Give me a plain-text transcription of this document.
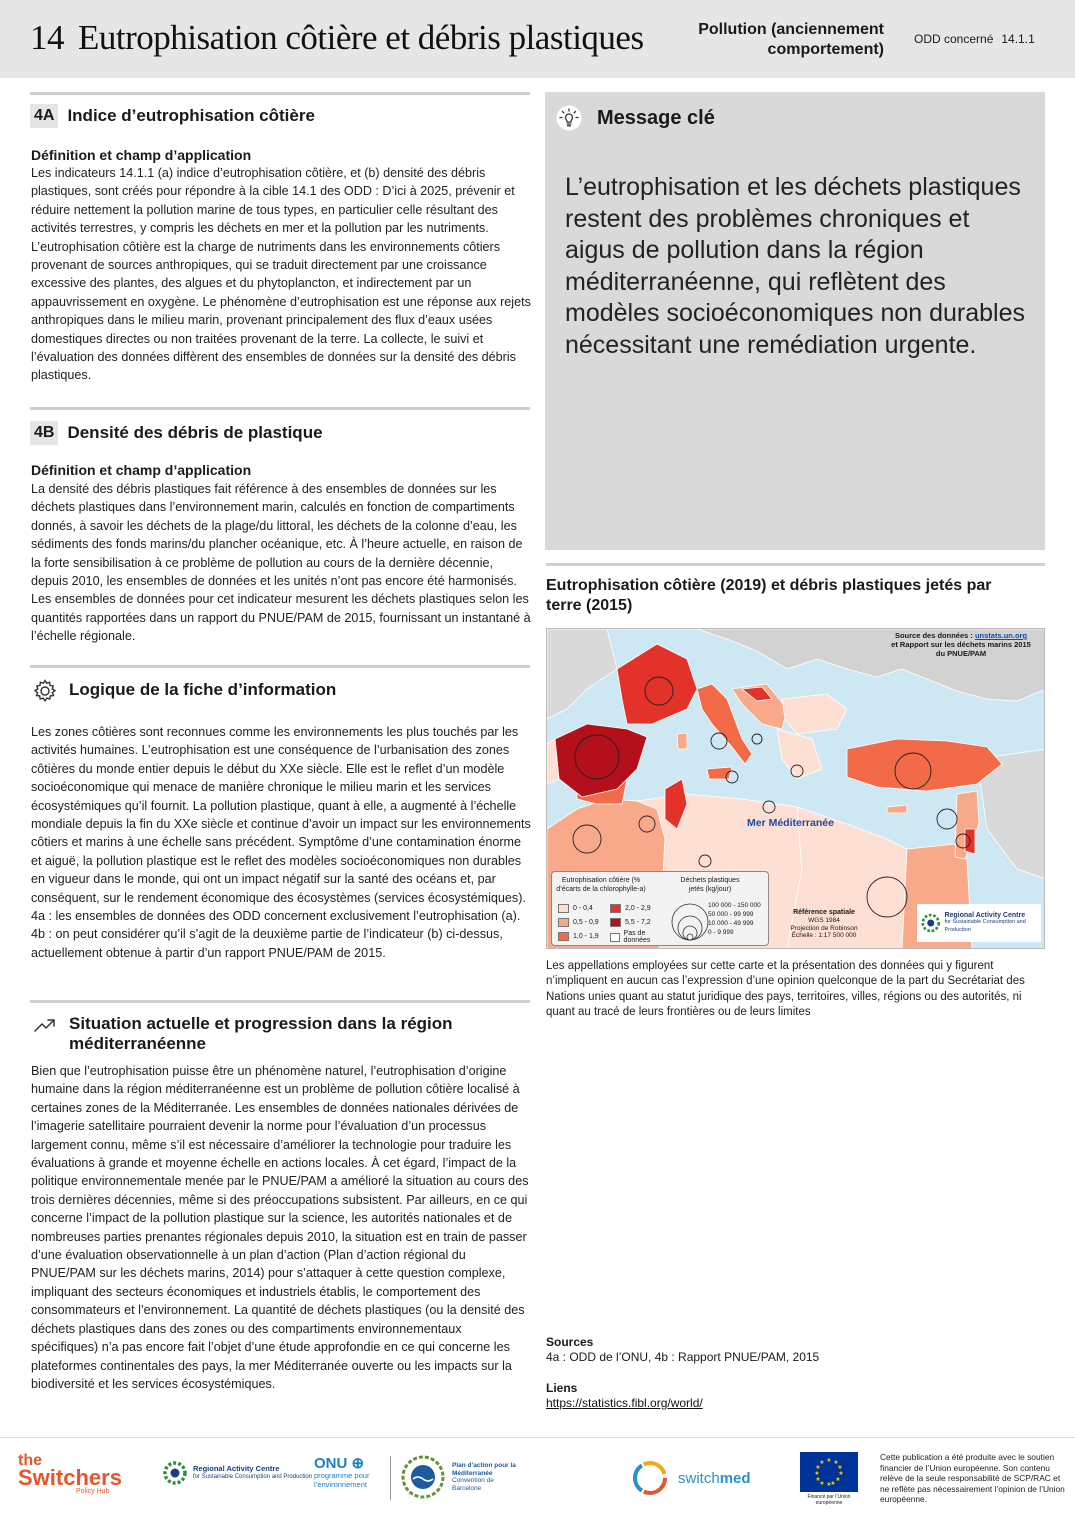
14 Eutrophisation côtière et débris plastiques	Pollution (anciennement comportement)
ODD concerné 14.1.1
4A Indice d’eutrophisation côtière
Définition et champ d’application
Les indicateurs 14.1.1 (a) indice d’eutrophisation côtière, et (b) densité des débris plastiques, sont créés pour répondre à la cible 14.1 des ODD : D’ici à 2025, prévenir et réduire nettement la pollution marine de tous types, en particulier celle résultant des activités terrestres, y compris les déchets en mer et la pollution par les nutriments. L’eutrophisation côtière est la charge de nutriments dans les environnements côtiers provenant de sources anthropiques, qui se traduit directement par une croissance excessive des plantes, des algues et du phytoplancton, et indirectement par un appauvrissement en oxygène. Le phénomène d’eutrophisation est une réponse aux rejets anthropiques dans le milieu marin, provenant principalement des flux d’eaux usées domestiques directes ou non traitées provenant de la terre. La collecte, le suivi et l’évaluation des données diffèrent des ensembles de données sur la densité des débris plastiques.
4B Densité des débris de plastique
Définition et champ d’application
La densité des débris plastiques fait référence à des ensembles de données sur les déchets plastiques dans l’environnement marin, calculés en fonction de compartiments donnés, à savoir les déchets de la plage/du littoral, les déchets de la colonne d’eau, les sédiments des fonds marins/du plancher océanique, etc. À l’heure actuelle, en raison de la forte sensibilisation à ce problème de pollution au cours de la dernière décennie, depuis 2010, les ensembles de données et les unités n’ont pas encore été harmonisés. Les ensembles de données pour cet indicateur mesurent les déchets plastiques selon les quantités rapportées dans un rapport du PNUE/PAM de 2015, fournissant un instantané à l’échelle régionale.
Logique de la fiche d’information
Les zones côtières sont reconnues comme les environnements les plus touchés par les activités humaines. L’eutrophisation est une conséquence de l’urbanisation des zones côtières du monde entier depuis le début du XXe siècle. Elle est le reflet d’un modèle socioéconomique qui menace de manière chronique le milieu marin et les services écosystémiques qu’il fournit. La pollution plastique, quant à elle, a augmenté à l’échelle mondiale depuis la fin du XXe siècle et continue d’avoir un impact sur les environnements côtiers et marins à une échelle sans précédent. Symptôme d’une contamination énorme et aiguë, la pollution plastique est le reflet des modèles socioéconomiques non durables en vigueur dans le monde, qui ont un impact négatif sur la santé des océans et, par conséquent, sur le rendement économique des écosystèmes (services écosystémiques). 4a : les ensembles de données des ODD concernent exclusivement l’eutrophisation (a). 4b : on peut considérer qu’il s’agit de la deuxième partie de l’indicateur (b) ci-dessus, actuellement obtenue à partir d’un rapport PNUE/PAM de 2015.
Situation actuelle et progression dans la région méditerranéenne
Bien que l’eutrophisation puisse être un phénomène naturel, l’eutrophisation d’origine humaine dans la région méditerranéenne est un problème de pollution côtière localisé à certaines zones de la Méditerranée. Les ensembles de données nationales dérivées de l’imagerie satellitaire pourraient devenir la norme pour l’évaluation d’un processus largement connu, même s’il est nécessaire d’améliorer la technologie pour traduire les évaluations à grande et moyenne échelle en actions locales. À cet égard, l’impact de la politique environnementale menée par le PNUE/PAM a amélioré la situation au cours des trois dernières décennies, même si des préoccupations subsistent. Par ailleurs, en ce qui concerne l’impact de la pollution plastique sur la science, les autorités nationales et de nombreuses parties prenantes régionales depuis 2010, la situation est en train de passer d’une évaluation observationnelle à un plan d’action (Plan d’action régional du PNUE/PAM sur les déchets marins, 2014) pour s’attaquer à cette question complexe, impliquant des secteurs économiques et industriels établis, le comportement des consommateurs et l’environnement. La quantité de déchets plastiques (ou la densité des déchets plastiques dans des zones ou des compartiments environnementaux spécifiques) n’a pas encore fait l’objet d’une étude approfondie en ce qui concerne les plateformes continentales des pays, la mer Méditerranée ouverte ou les impacts sur la biodiversité et les services écosystémiques.
Message clé
L’eutrophisation et les déchets plastiques restent des problèmes chroniques et aigus de pollution dans la région méditerranéenne, qui reflètent des modèles socioéconomiques non durables nécessitant une remédiation urgente.
Eutrophisation côtière (2019) et débris plastiques jetés par terre (2015)
Source des données : unstats.un.org
et Rapport sur les déchets marins 2015 du PNUE/PAM
Mer Méditerranée
Eutrophisation côtière (% d’écarts de la chlorophylle-a)
Déchets plastiques jetés (kg/jour)
0 - 0,4
0,5 - 0,9
1,0 - 1,9
2,0 - 2,9
5,5 - 7,2
Pas de données
100 000 - 150 000
50 000 - 99 999
10 000 - 49 999
0 - 9 999
Référence spatiale
WGS 1984
Projection de Robinson
Échelle : 1:17 500 000
Regional Activity Centre
for Sustainable Consumption and Production
Les appellations employées sur cette carte et la présentation des données qui y figurent n’impliquent en aucun cas l’expression d’une opinion quelconque de la part du Secrétariat des Nations unies quant au statut juridique des pays, territoires, villes, régions ou des autorités, ni quant au tracé de leurs frontières ou de leurs limites
Sources
4a : ODD de l’ONU, 4b : Rapport PNUE/PAM, 2015
Liens
https://statistics.fibl.org/world/
the
Switchers
Policy Hub
Regional Activity Centre
for Sustainable Consumption and Production
ONU ⊕
programme pour l’environnement
Plan d’action pour la Méditerranée
Convention de Barcelone
switchmed
★ ★
★
★
★
★
★
★
★
★
★
★
Financé par l’Union européenne
Cette publication a été produite avec le soutien financier de l’Union européenne. Son contenu relève de la seule responsabilité de SCP/RAC et ne reflète pas nécessairement l’opinion de l’Union européenne.
